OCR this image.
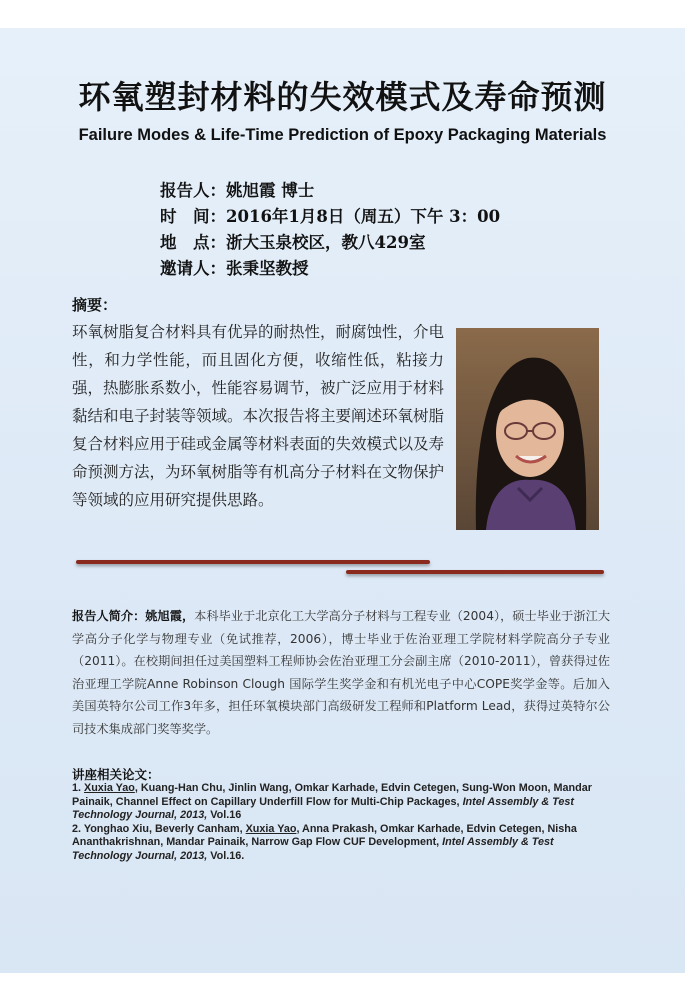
环氧塑封材料的失效模式及寿命预测
Failure Modes & Life-Time Prediction of Epoxy Packaging Materials
报告人：姚旭霞 博士
时　间：2016年1月8日（周五）下午 3：00
地　点：浙大玉泉校区，教八429室
邀请人：张秉坚教授
摘要：
环氧树脂复合材料具有优异的耐热性，耐腐蚀性，介电性，和力学性能，而且固化方便，收缩性低，粘接力强，热膨胀系数小，性能容易调节，被广泛应用于材料黏结和电子封装等领域。本次报告将主要阐述环氧树脂复合材料应用于硅或金属等材料表面的失效模式以及寿命预测方法，为环氧树脂等有机高分子材料在文物保护等领域的应用研究提供思路。
报告人简介：姚旭霞，本科毕业于北京化工大学高分子材料与工程专业（2004），硕士毕业于浙江大学高分子化学与物理专业（免试推荐，2006），博士毕业于佐治亚理工学院材料学院高分子专业（2011）。在校期间担任过美国塑料工程师协会佐治亚理工分会副主席（2010-2011），曾获得过佐治亚理工学院Anne Robinson Clough 国际学生奖学金和有机光电子中心COPE奖学金等。后加入美国英特尔公司工作3年多，担任环氧模块部门高级研发工程师和Platform Lead，获得过英特尔公司技术集成部门奖等奖学。
讲座相关论文：
1. Xuxia Yao, Kuang-Han Chu, Jinlin Wang, Omkar Karhade, Edvin Cetegen, Sung-Won Moon, Mandar Painaik, Channel Effect on Capillary Underfill Flow for Multi-Chip Packages, Intel Assembly & Test Technology Journal, 2013, Vol.16
2. Yonghao Xiu, Beverly Canham, Xuxia Yao, Anna Prakash, Omkar Karhade, Edvin Cetegen, Nisha Ananthakrishnan, Mandar Painaik, Narrow Gap Flow CUF Development, Intel Assembly & Test Technology Journal, 2013, Vol.16.
